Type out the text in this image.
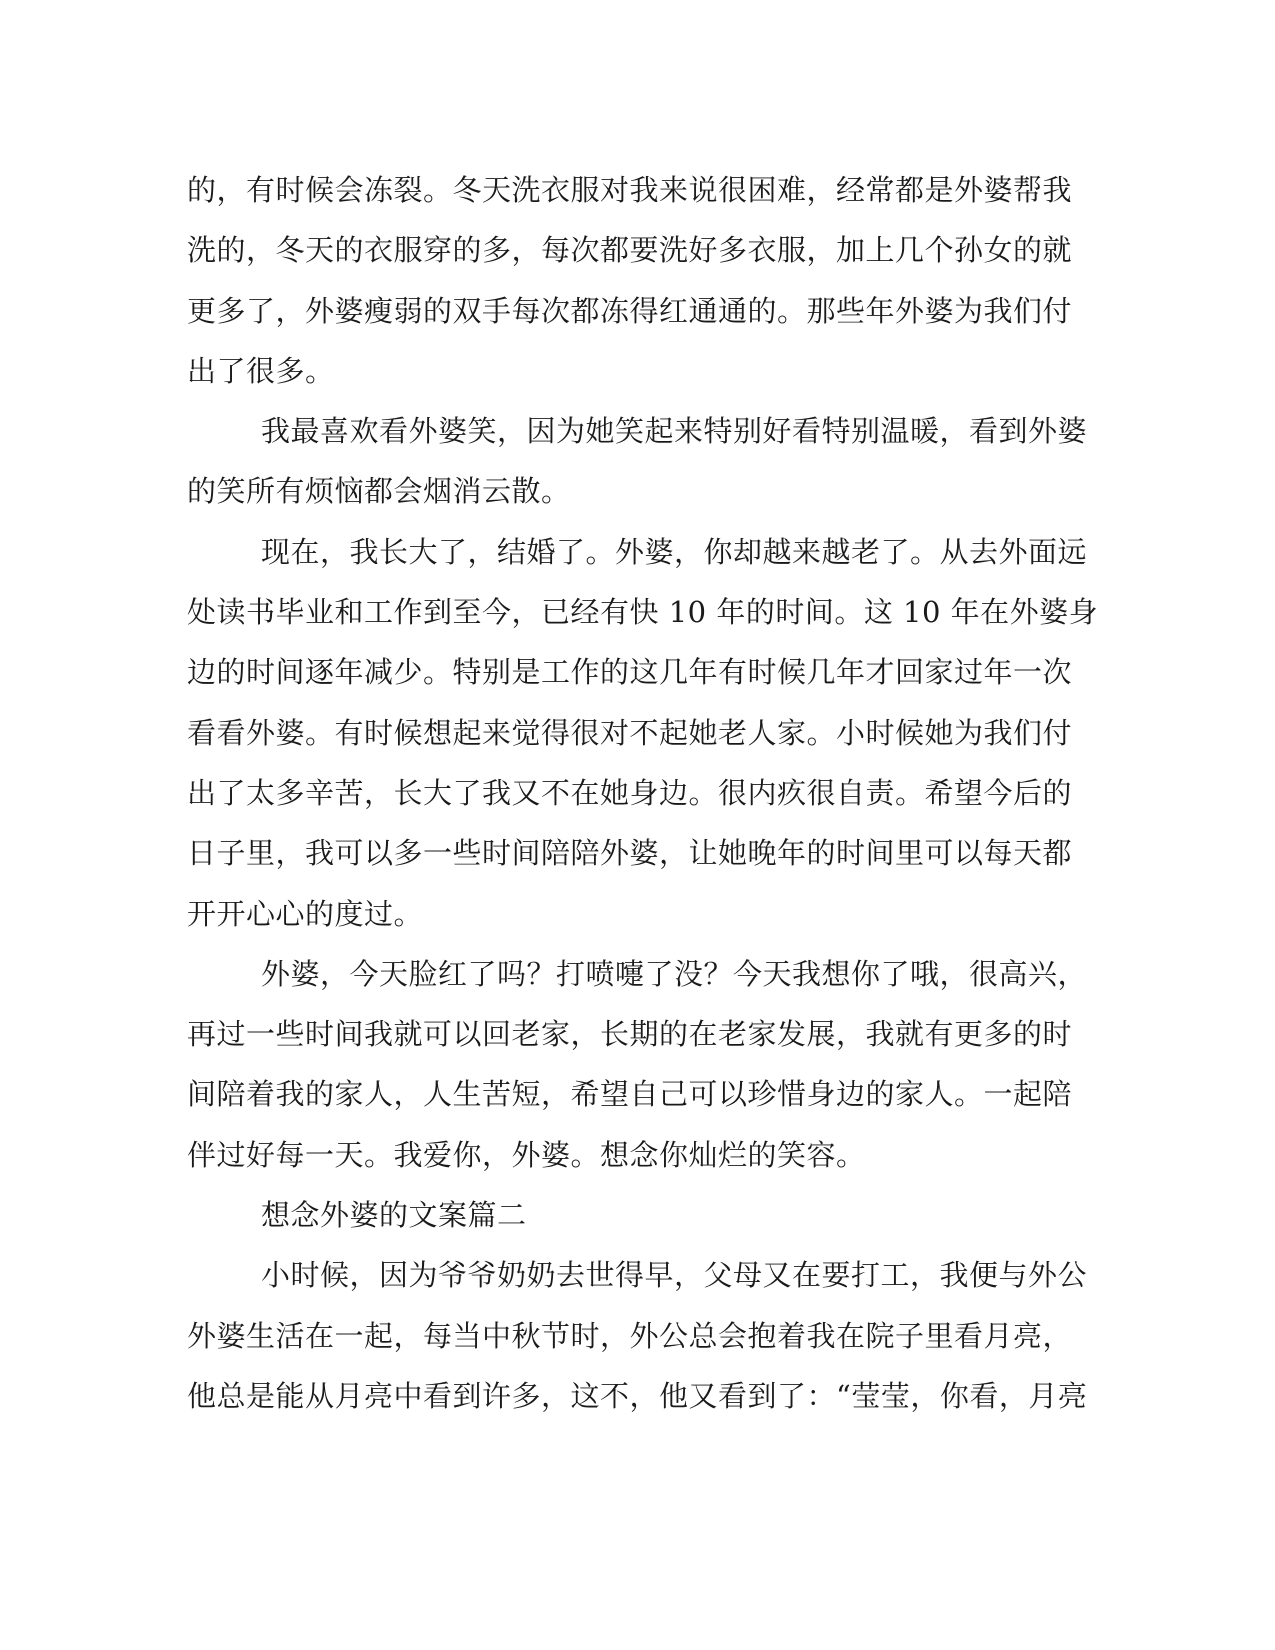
的，有时候会冻裂。冬天洗衣服对我来说很困难，经常都是外婆帮我
洗的，冬天的衣服穿的多，每次都要洗好多衣服，加上几个孙女的就
更多了，外婆瘦弱的双手每次都冻得红通通的。那些年外婆为我们付
出了很多。
我最喜欢看外婆笑，因为她笑起来特别好看特别温暖，看到外婆
的笑所有烦恼都会烟消云散。
现在，我长大了，结婚了。外婆，你却越来越老了。从去外面远
处读书毕业和工作到至今，已经有快 10 年的时间。这 10 年在外婆身
边的时间逐年减少。特别是工作的这几年有时候几年才回家过年一次
看看外婆。有时候想起来觉得很对不起她老人家。小时候她为我们付
出了太多辛苦，长大了我又不在她身边。很内疚很自责。希望今后的
日子里，我可以多一些时间陪陪外婆，让她晚年的时间里可以每天都
开开心心的度过。
外婆，今天脸红了吗？打喷嚏了没？今天我想你了哦，很高兴，
再过一些时间我就可以回老家，长期的在老家发展，我就有更多的时
间陪着我的家人，人生苦短，希望自己可以珍惜身边的家人。一起陪
伴过好每一天。我爱你，外婆。想念你灿烂的笑容。
想念外婆的文案篇二
小时候，因为爷爷奶奶去世得早，父母又在要打工，我便与外公
外婆生活在一起，每当中秋节时，外公总会抱着我在院子里看月亮，
他总是能从月亮中看到许多，这不，他又看到了：“莹莹，你看，月亮
